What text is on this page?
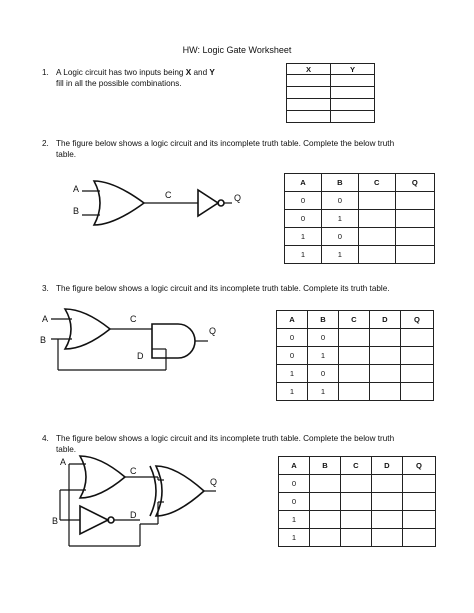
HW: Logic Gate Worksheet
1. A Logic circuit has two inputs being X and Y
fill in all the possible combinations.
X	Y

2. The figure below shows a logic circuit and its incomplete truth table. Complete the below truth
table.
A
B
C	Q
A	B	C	Q
0	0		
0	1		
1	0		
1	1		
3. The figure below shows a logic circuit and its incomplete truth table. Complete its truth table.
A
B
C
D
Q
A	B	C	D	Q
0	0			
0	1			
1	0			
1	1			
4. The figure below shows a logic circuit and its incomplete truth table. Complete the below truth
table.
A
B
C
D
Q
A	B	C	D	Q
0				
0				
1				
1				
